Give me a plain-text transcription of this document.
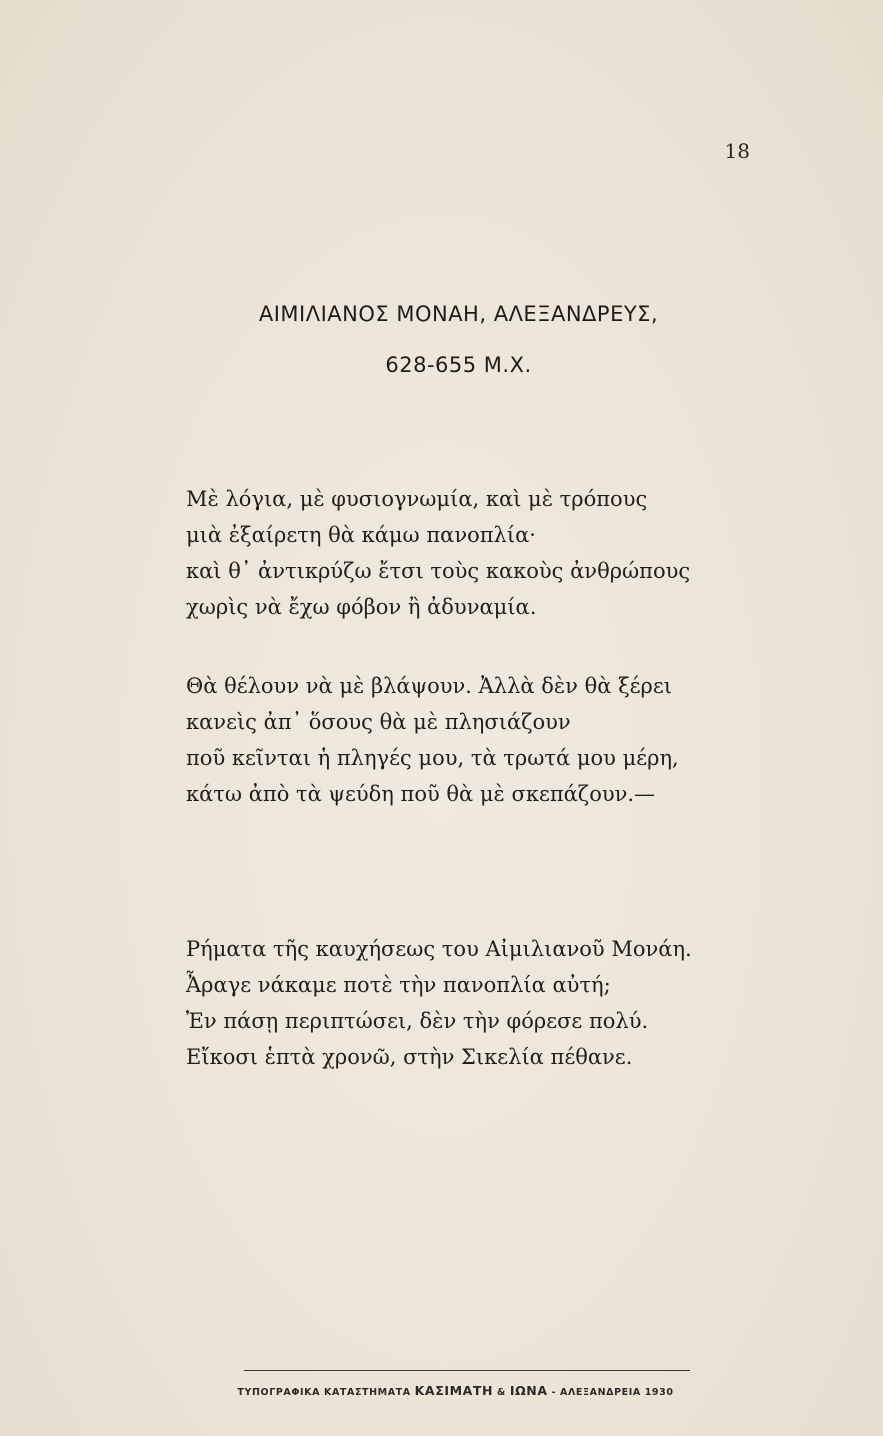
18
ΑΙΜΙΛΙΑΝΟΣ ΜΟΝΑΗ, ΑΛΕΞΑΝΔΡΕΥΣ,
628-655 Μ.Χ.
Μὲ λόγια, μὲ φυσιογνωμία, καὶ μὲ τρόπους
μιὰ ἐξαίρετη θὰ κάμω πανοπλία·
καὶ θ᾿ ἀντικρύζω ἔτσι τοὺς κακοὺς ἀνθρώπους
χωρὶς νὰ ἔχω φόβον ἢ ἀδυναμία.
Θὰ θέλουν νὰ μὲ βλάψουν. Ἀλλὰ δὲν θὰ ξέρει
κανεὶς ἀπ᾿ ὅσους θὰ μὲ πλησιάζουν
ποῦ κεῖνται ἡ πληγές μου, τὰ τρωτά μου μέρη,
κάτω ἀπὸ τὰ ψεύδη ποῦ θὰ μὲ σκεπάζουν.—
Ρήματα τῆς καυχήσεως του Αἰμιλιανοῦ Μονάη.
Ἆραγε νάκαμε ποτὲ τὴν πανοπλία αὐτή;
Ἐν πάσῃ περιπτώσει, δὲν τὴν φόρεσε πολύ.
Εἴκοσι ἑπτὰ χρονῶ, στὴν Σικελία πέθανε.
ΤΥΠΟΓΡΑΦΙΚΑ ΚΑΤΑΣΤΗΜΑΤΑ ΚΑΣΙΜΑΤΗ & ΙΩΝΑ - ΑΛΕΞΑΝΔΡΕΙΑ 1930
